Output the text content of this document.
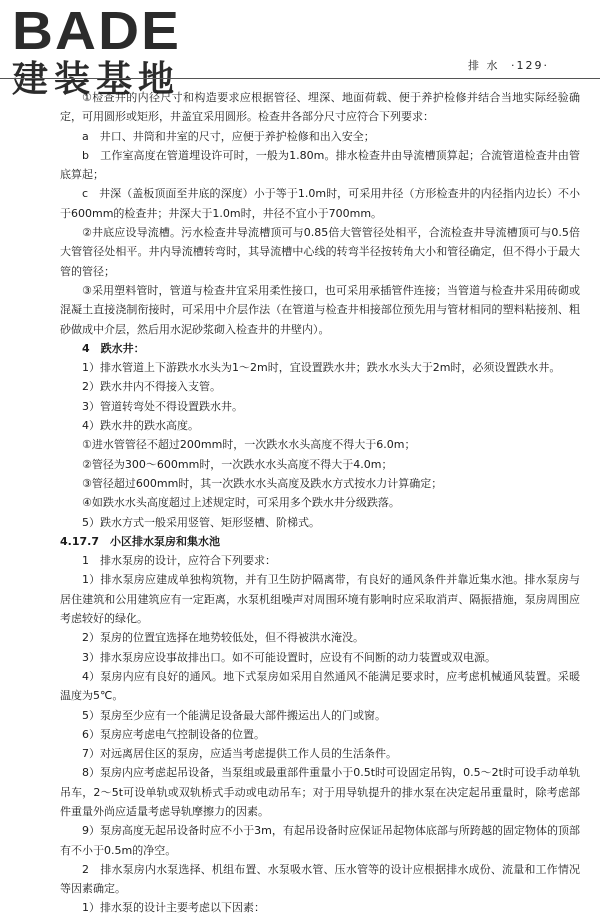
BADE
建装基地	排 水 ·129·

①检查井的内径尺寸和构造要求应根据管径、埋深、地面荷载、便于养护检修并结合当地实际经验确定，可用圆形或矩形，井盖宜采用圆形。检查井各部分尺寸应符合下列要求：

a　井口、井筒和井室的尺寸，应便于养护检修和出入安全；

b　工作室高度在管道埋设许可时，一般为1.80m。排水检查井由导流槽顶算起；合流管道检查井由管底算起；

c　井深（盖板顶面至井底的深度）小于等于1.0m时，可采用井径（方形检查井的内径指内边长）不小于600mm的检查井；井深大于1.0m时，井径不宜小于700mm。

②井底应设导流槽。污水检查井导流槽顶可与0.85倍大管管径处相平，合流检查井导流槽顶可与0.5倍大管管径处相平。井内导流槽转弯时，其导流槽中心线的转弯半径按转角大小和管径确定，但不得小于最大管的管径；

③采用塑料管时，管道与检查井宜采用柔性接口，也可采用承插管件连接；当管道与检查井采用砖砌或混凝土直接浇制衔接时，可采用中介层作法（在管道与检查井相接部位预先用与管材相同的塑料粘接剂、粗砂做成中介层，然后用水泥砂浆砌入检查井的井壁内）。

4　跌水井：

1）排水管道上下游跌水水头为1～2m时，宜设置跌水井；跌水水头大于2m时，必须设置跌水井。

2）跌水井内不得接入支管。

3）管道转弯处不得设置跌水井。

4）跌水井的跌水高度。

①进水管管径不超过200mm时，一次跌水水头高度不得大于6.0m；

②管径为300～600mm时，一次跌水水头高度不得大于4.0m；

③管径超过600mm时，其一次跌水水头高度及跌水方式按水力计算确定；

④如跌水水头高度超过上述规定时，可采用多个跌水井分级跌落。

5）跌水方式一般采用竖管、矩形竖槽、阶梯式。

4.17.7　小区排水泵房和集水池

1　排水泵房的设计，应符合下列要求：

1）排水泵房应建成单独构筑物，并有卫生防护隔离带，有良好的通风条件并靠近集水池。排水泵房与居住建筑和公用建筑应有一定距离，水泵机组噪声对周围环境有影响时应采取消声、隔振措施，泵房周围应考虑较好的绿化。

2）泵房的位置宜选择在地势较低处，但不得被洪水淹没。

3）排水泵房应设事故排出口。如不可能设置时，应设有不间断的动力装置或双电源。

4）泵房内应有良好的通风。地下式泵房如采用自然通风不能满足要求时，应考虑机械通风装置。采暖温度为5℃。

5）泵房至少应有一个能满足设备最大部件搬运出人的门或窗。

6）泵房应考虑电气控制设备的位置。

7）对远离居住区的泵房，应适当考虑提供工作人员的生活条件。

8）泵房内应考虑起吊设备，当泵组或最重部件重量小于0.5t时可设固定吊钩，0.5～2t时可设手动单轨吊车，2～5t可设单轨或双轨桥式手动或电动吊车；对于用导轨提升的排水泵在决定起吊重量时，除考虑部件重量外尚应适量考虑导轨摩擦力的因素。

9）泵房高度无起吊设备时应不小于3m，有起吊设备时应保证吊起物体底部与所跨越的固定物体的顶部有不小于0.5m的净空。

2　排水泵房内水泵选择、机组布置、水泵吸水管、压水管等的设计应根据排水成份、流量和工作情况等因素确定。

1）排水泵的设计主要考虑以下因素：
